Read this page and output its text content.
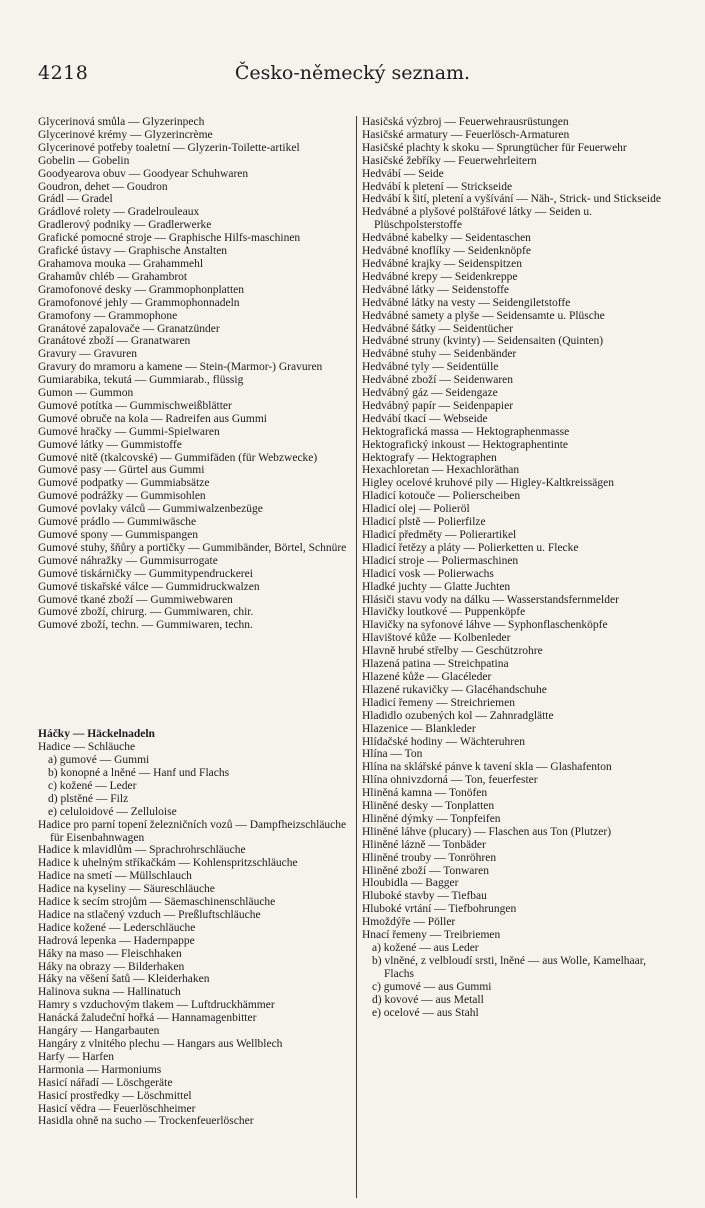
4218	Česko-německý seznam.
Glycerinová smůla — Glyzerinpech
Glycerinové krémy — Glyzerincrème
Glycerinové potřeby toaletní — Glyzerin-Toilette-artikel
Gobelin — Gobelin
Goodyearova obuv — Goodyear Schuhwaren
Goudron, dehet — Goudron
Grádl — Gradel
Grádlové rolety — Gradelrouleaux
Gradlerový podniky — Gradlerwerke
Grafické pomocné stroje — Graphische Hilfs-maschinen
Grafické ústavy — Graphische Anstalten
Grahamova mouka — Grahammehl
Grahamův chléb — Grahambrot
Gramofonové desky — Grammophonplatten
Gramofonové jehly — Grammophonnadeln
Gramofony — Grammophone
Granátové zapalovače — Granatzünder
Granátové zboží — Granatwaren
Gravury — Gravuren
Gravury do mramoru a kamene — Stein-(Marmor-) Gravuren
Gumiarabika, tekutá — Gummiarab., flüssig
Gumon — Gummon
Gumové potítka — Gummischweißblätter
Gumové obruče na kola — Radreifen aus Gummi
Gumové hračky — Gummi-Spielwaren
Gumové látky — Gummistoffe
Gumové nitě (tkalcovské) — Gummifäden (für Webzwecke)
Gumové pasy — Gürtel aus Gummi
Gumové podpatky — Gummiabsätze
Gumové podrážky — Gummisohlen
Gumové povlaky válců — Gummiwalzenbezüge
Gumové prádlo — Gummiwäsche
Gumové spony — Gummispangen
Gumové stuhy, šňůry a portičky — Gummibänder, Börtel, Schnüre
Gumové náhražky — Gummisurrogate
Gumové tiskárničky — Gummitypendruckerei
Gumové tiskařské válce — Gummidruckwalzen
Gumové tkané zboží — Gummiwebwaren
Gumové zboží, chirurg. — Gummiwaren, chir.
Gumové zboží, techn. — Gummiwaren, techn.
Háčky — Häckelnadeln
Hadice — Schläuche
a) gumové — Gummi
b) konopné a lněné — Hanf und Flachs
c) kožené — Leder
d) plstěné — Filz
e) celuloidové — Zelluloise
Hadice pro parní topení železničních vozů — Dampfheizschläuche für Eisenbahnwagen
Hadice k mlavidlům — Sprachrohrschläuche
Hadice k uhelným stříkačkám — Kohlenspritzschläuche
Hadice na smetí — Müllschlauch
Hadice na kyseliny — Säureschläuche
Hadice k secím strojům — Säemaschinenschläuche
Hadice na stlačený vzduch — Preßluftschläuche
Hadice kožené — Lederschläuche
Hadrová lepenka — Hadernpappe
Háky na maso — Fleischhaken
Háky na obrazy — Bilderhaken
Háky na věšení šatů — Kleiderhaken
Halinova sukna — Hallinatuch
Hamry s vzduchovým tlakem — Luftdruckhämmer
Hanácká žaludeční hořká — Hannamagenbitter
Hangáry — Hangarbauten
Hangáry z vlnitého plechu — Hangars aus Wellblech
Harfy — Harfen
Harmonia — Harmoniums
Hasicí nářadí — Löschgeräte
Hasicí prostředky — Löschmittel
Hasicí vědra — Feuerlöschheimer
Hasidla ohně na sucho — Trockenfeuerlöscher
Hasičská výzbroj — Feuerwehrausrüstungen
Hasičské armatury — Feuerlösch-Armaturen
Hasičské plachty k skoku — Sprungtücher für Feuerwehr
Hasičské žebříky — Feuerwehrleitern
Hedvábí — Seide
Hedvábí k pletení — Strickseide
Hedvábí k šití, pletení a vyšívání — Näh-, Strick- und Stickseide
Hedvábné a plyšové polštářové látky — Seiden u. Plüschpolsterstoffe
Hedvábné kabelky — Seidentaschen
Hedvábné knoflíky — Seidenknöpfe
Hedvábné krajky — Seidenspitzen
Hedvábné krepy — Seidenkreppe
Hedvábné látky — Seidenstoffe
Hedvábné látky na vesty — Seidengiletstoffe
Hedvábné samety a plyše — Seidensamte u. Plüsche
Hedvábné šátky — Seidentücher
Hedvábné struny (kvinty) — Seidensaiten (Quinten)
Hedvábné stuhy — Seidenbänder
Hedvábné tyly — Seidentülle
Hedvábné zboží — Seidenwaren
Hedvábný gáz — Seidengaze
Hedvábný papír — Seidenpapier
Hedvábí tkací — Webseide
Hektografická massa — Hektographenmasse
Hektografický inkoust — Hektographentinte
Hektografy — Hektographen
Hexachloretan — Hexachloräthan
Higley ocelové kruhové pily — Higley-Kaltkreissägen
Hladicí kotouče — Polierscheiben
Hladicí olej — Polieröl
Hladicí plstě — Polierfilze
Hladicí předměty — Polierartikel
Hladicí řetězy a pláty — Polierketten u. Flecke
Hladicí stroje — Poliermaschinen
Hladicí vosk — Polierwachs
Hladké juchty — Glatte Juchten
Hlásiči stavu vody na dálku — Wasserstandsfernmelder
Hlavičky loutkové — Puppenköpfe
Hlavičky na syfonové láhve — Syphonflaschenköpfe
Hlavištové kůže — Kolbenleder
Hlavně hrubé střelby — Geschützrohre
Hlazená patina — Streichpatina
Hlazené kůže — Glacéleder
Hlazené rukavičky — Glacéhandschuhe
Hladicí řemeny — Streichriemen
Hladidlo ozubených kol — Zahnradglätte
Hlazenice — Blankleder
Hlídačské hodiny — Wächteruhren
Hlína — Ton
Hlína na sklářské pánve k tavení skla — Glashafenton
Hlína ohnivzdorná — Ton, feuerfester
Hliněná kamna — Tonöfen
Hliněné desky — Tonplatten
Hliněné dýmky — Tonpfeifen
Hliněné láhve (plucary) — Flaschen aus Ton (Plutzer)
Hliněné lázně — Tonbäder
Hliněné trouby — Tonröhren
Hliněné zboží — Tonwaren
Hloubidla — Bagger
Hluboké stavby — Tiefbau
Hluboké vrtání — Tiefbohrungen
Hmoždýře — Pöller
Hnací řemeny — Treibriemen
a) kožené — aus Leder
b) vlněné, z velbloudí srsti, lněné — aus Wolle, Kamelhaar, Flachs
c) gumové — aus Gummi
d) kovové — aus Metall
e) ocelové — aus Stahl
